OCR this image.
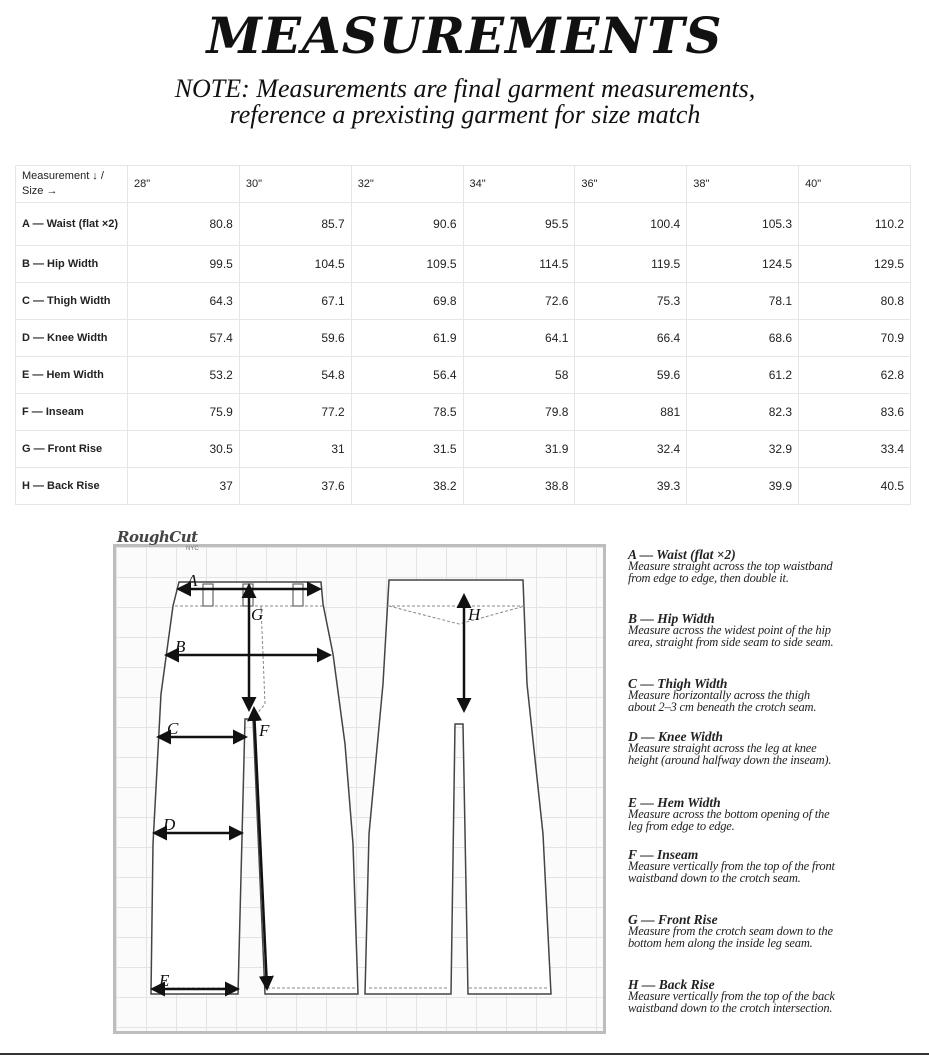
MEASUREMENTS
NOTE: Measurements are final garment measurements, reference a prexisting garment for size match
Measurement ↓ / Size →	28"	30"	32"	34"	36"	38"	40"
A — Waist (flat ×2)	80.8	85.7	90.6	95.5	100.4	105.3	110.2
B — Hip Width	99.5	104.5	109.5	114.5	119.5	124.5	129.5
C — Thigh Width	64.3	67.1	69.8	72.6	75.3	78.1	80.8
D — Knee Width	57.4	59.6	61.9	64.1	66.4	68.6	70.9
E — Hem Width	53.2	54.8	56.4	58	59.6	61.2	62.8
F — Inseam	75.9	77.2	78.5	79.8	881	82.3	83.6
G — Front Rise	30.5	31	31.5	31.9	32.4	32.9	33.4
H — Back Rise	37	37.6	38.2	38.8	39.3	39.9	40.5
RoughCut
NYC
A
B
C
D
E
F
G	H
A — Waist (flat ×2)
Measure straight across the top waistband from edge to edge, then double it.
B — Hip Width
Measure across the widest point of the hip area, straight from side seam to side seam.
C — Thigh Width
Measure horizontally across the thigh about 2–3 cm beneath the crotch seam.
D — Knee Width
Measure straight across the leg at knee height (around halfway down the inseam).
E — Hem Width
Measure across the bottom opening of the leg from edge to edge.
F — Inseam
Measure vertically from the top of the front waistband down to the crotch seam.
G — Front Rise
Measure from the crotch seam down to the bottom hem along the inside leg seam.
H — Back Rise
Measure vertically from the top of the back waistband down to the crotch intersection.
